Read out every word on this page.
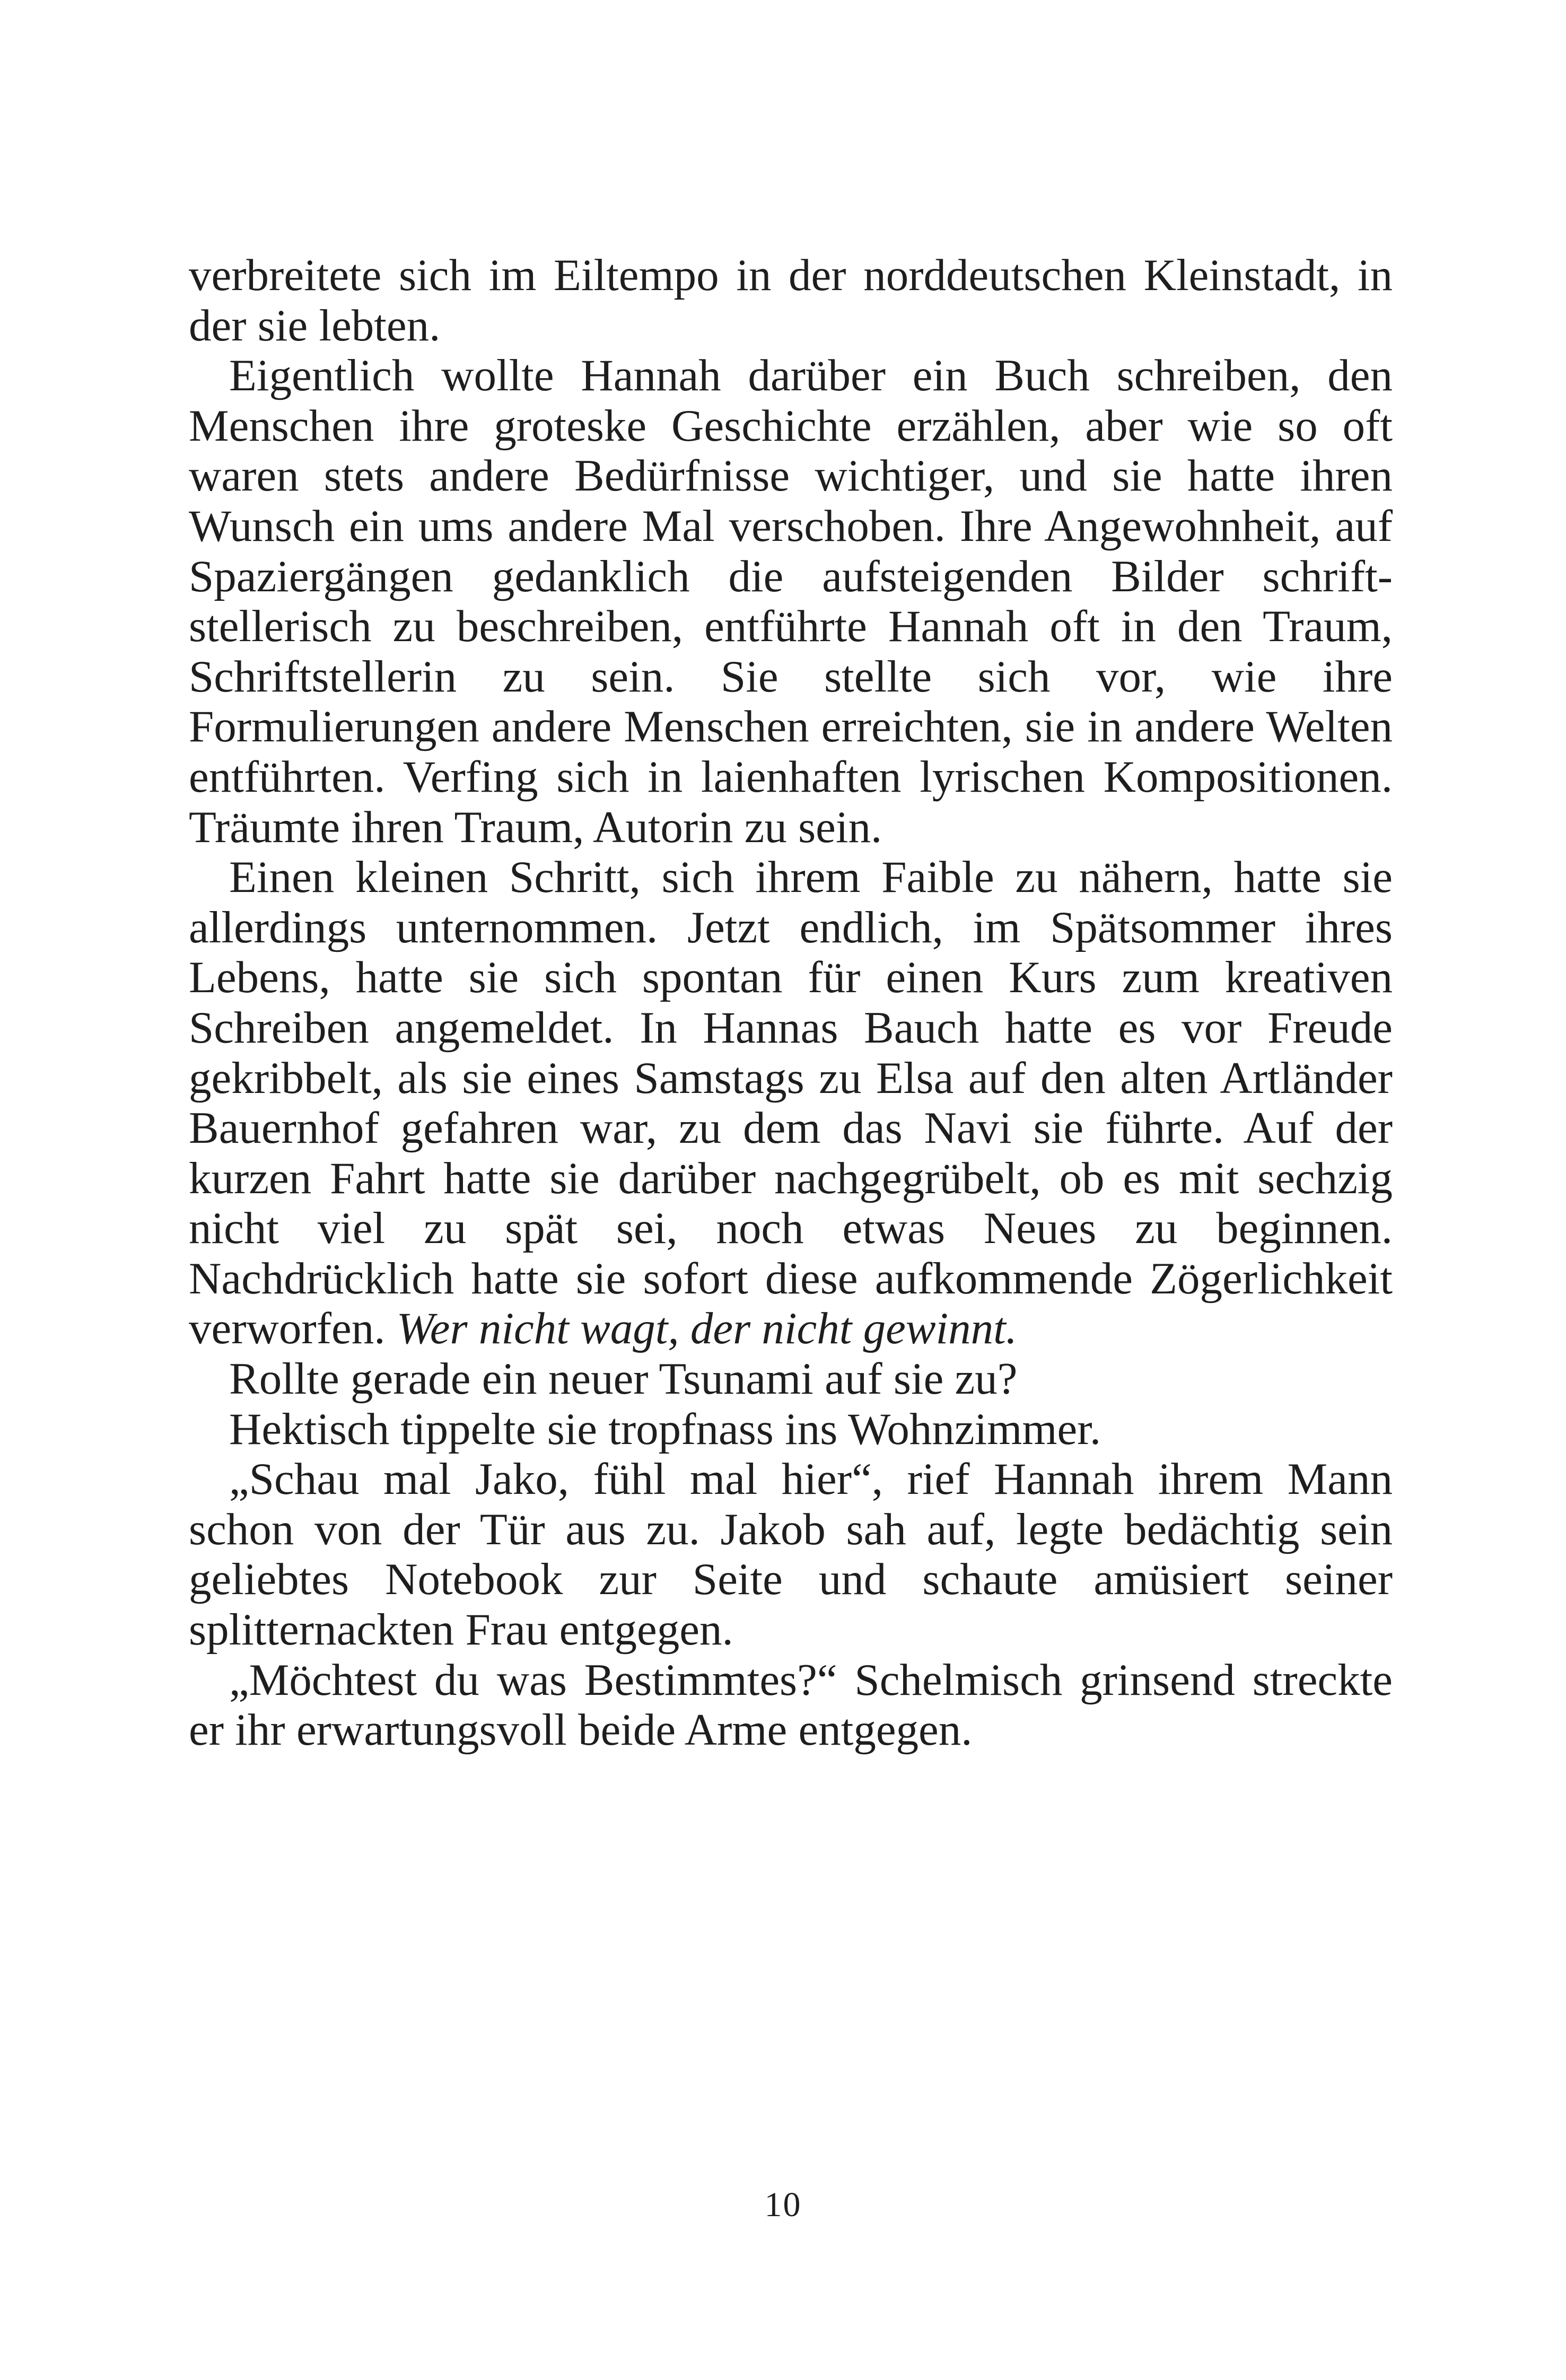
verbreitete sich im Eiltempo in der norddeutschen Kleinstadt, in der sie lebten.

Eigentlich wollte Hannah darüber ein Buch schreiben, den Menschen ihre groteske Geschichte erzählen, aber wie so oft waren stets andere Bedürfnisse wichtiger, und sie hatte ihren Wunsch ein ums andere Mal verschoben. Ihre Angewohnheit, auf Spaziergängen gedanklich die aufsteigenden Bilder schriftstellerisch zu beschreiben, entführte Hannah oft in den Traum, Schriftstellerin zu sein. Sie stellte sich vor, wie ihre Formulierungen andere Menschen erreichten, sie in andere Welten entführten. Verfing sich in laienhaften lyrischen Kompositionen. Träumte ihren Traum, Autorin zu sein.

Einen kleinen Schritt, sich ihrem Faible zu nähern, hatte sie allerdings unternommen. Jetzt endlich, im Spätsommer ihres Lebens, hatte sie sich spontan für einen Kurs zum kreativen Schreiben angemeldet. In Hannas Bauch hatte es vor Freude gekribbelt, als sie eines Samstags zu Elsa auf den alten Artländer Bauernhof gefahren war, zu dem das Navi sie führte. Auf der kurzen Fahrt hatte sie darüber nachgegrübelt, ob es mit sechzig nicht viel zu spät sei, noch etwas Neues zu beginnen. Nachdrücklich hatte sie sofort diese aufkommende Zögerlichkeit verworfen. Wer nicht wagt, der nicht gewinnt.

Rollte gerade ein neuer Tsunami auf sie zu?

Hektisch tippelte sie tropfnass ins Wohnzimmer.

„Schau mal Jako, fühl mal hier“, rief Hannah ihrem Mann schon von der Tür aus zu. Jakob sah auf, legte bedächtig sein geliebtes Notebook zur Seite und schaute amüsiert seiner splitternackten Frau entgegen.

„Möchtest du was Bestimmtes?“ Schelmisch grinsend streckte er ihr erwartungsvoll beide Arme entgegen.

10
